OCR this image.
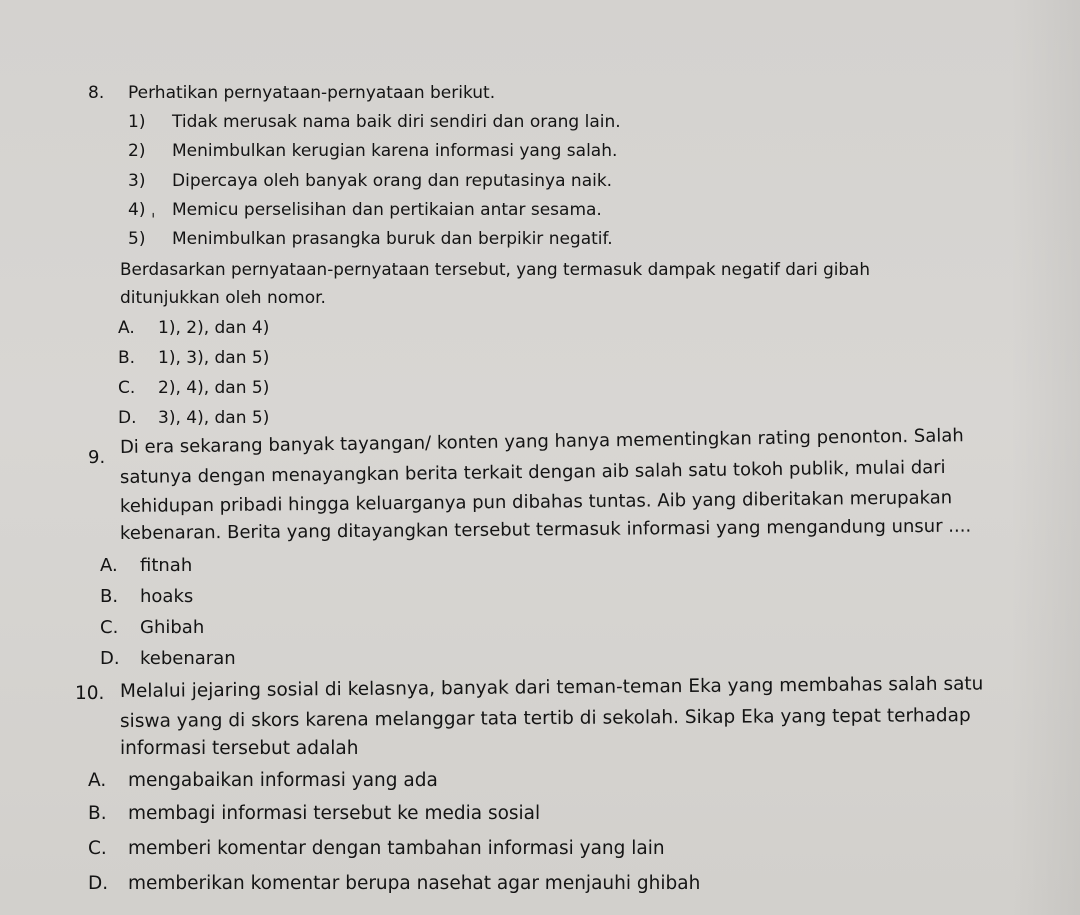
8. Perhatikan pernyataan-pernyataan berikut.
1) Tidak merusak nama baik diri sendiri dan orang lain.
2) Menimbulkan kerugian karena informasi yang salah.
3) Dipercaya oleh banyak orang dan reputasinya naik.
4) ˌ Memicu perselisihan dan pertikaian antar sesama.
5) Menimbulkan prasangka buruk dan berpikir negatif.
Berdasarkan pernyataan-pernyataan tersebut, yang termasuk dampak negatif dari gibah
ditunjukkan oleh nomor.
A. 1), 2), dan 4)
B. 1), 3), dan 5)
C. 2), 4), dan 5)
D. 3), 4), dan 5)
9. Di era sekarang banyak tayangan/ konten yang hanya mementingkan rating penonton. Salah
satunya dengan menayangkan berita terkait dengan aib salah satu tokoh publik, mulai dari
kehidupan pribadi hingga keluarganya pun dibahas tuntas. Aib yang diberitakan merupakan
kebenaran. Berita yang ditayangkan tersebut termasuk informasi yang mengandung unsur ....
A. fitnah
B. hoaks
C. Ghibah
D. kebenaran
10. Melalui jejaring sosial di kelasnya, banyak dari teman-teman Eka yang membahas salah satu
siswa yang di skors karena melanggar tata tertib di sekolah. Sikap Eka yang tepat terhadap
informasi tersebut adalah
A. mengabaikan informasi yang ada
B. membagi informasi tersebut ke media sosial
C. memberi komentar dengan tambahan informasi yang lain
D. memberikan komentar berupa nasehat agar menjauhi ghibah
